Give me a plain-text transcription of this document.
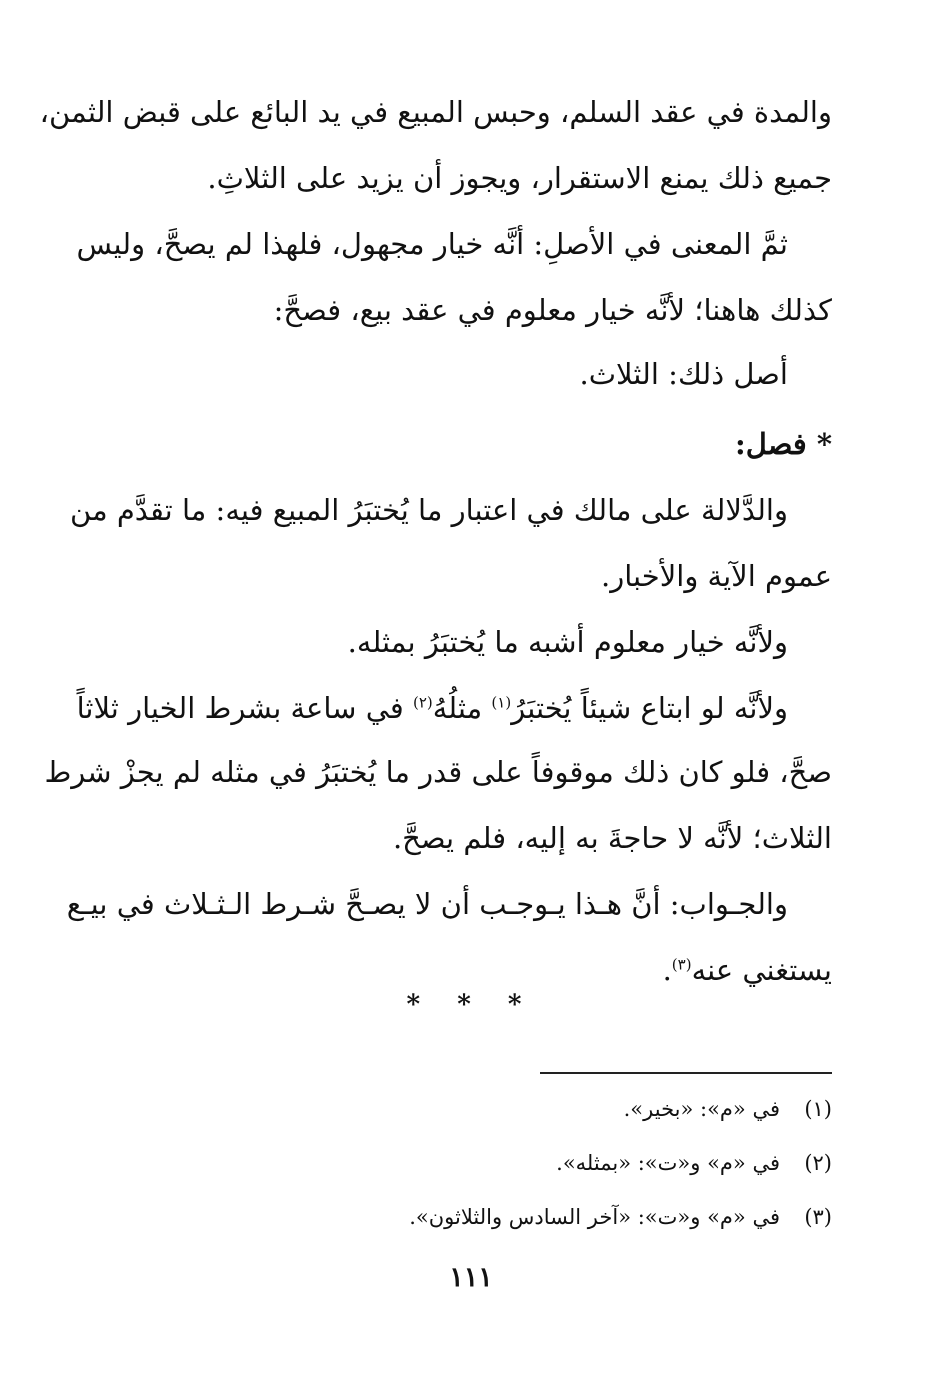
والمدة في عقد السلم، وحبس المبيع في يد البائع على قبض الثمن،
جميع ذلك يمنع الاستقرار، ويجوز أن يزيد على الثلاثِ.
ثمَّ المعنى في الأصلِ: أنَّه خيار مجهول، فلهذا لم يصحَّ، وليس
كذلك هاهنا؛ لأنَّه خيار معلوم في عقد بيع، فصحَّ:
أصل ذلك: الثلاث.
* فصل:
والدَّلالة على مالك في اعتبار ما يُختبَرُ المبيع فيه: ما تقدَّم من
عموم الآية والأخبار.
ولأنَّه خيار معلوم أشبه ما يُختبَرُ بمثله.
ولأنَّه لو ابتاع شيئاً يُختبَرُ$^{(١)}$ مثلُهُ$^{(٢)}$ في ساعة بشرط الخيار ثلاثاً
صحَّ، فلو كان ذلك موقوفاً على قدر ما يُختبَرُ في مثله لم يجزْ شرط
الثلاث؛ لأنَّه لا حاجةَ به إليه، فلم يصحَّ.
والجـواب: أنَّ هـذا يـوجـب أن لا يصـحَّ شـرط الـثـلاث في بيـع
يستغني عنه$^{(٣)}$.
* * *
(١)في «م»: «بخير».
(٢)في «م» و«ت»: «بمثله».
(٣)في «م» و«ت»: «آخر السادس والثلاثون».
١١١
